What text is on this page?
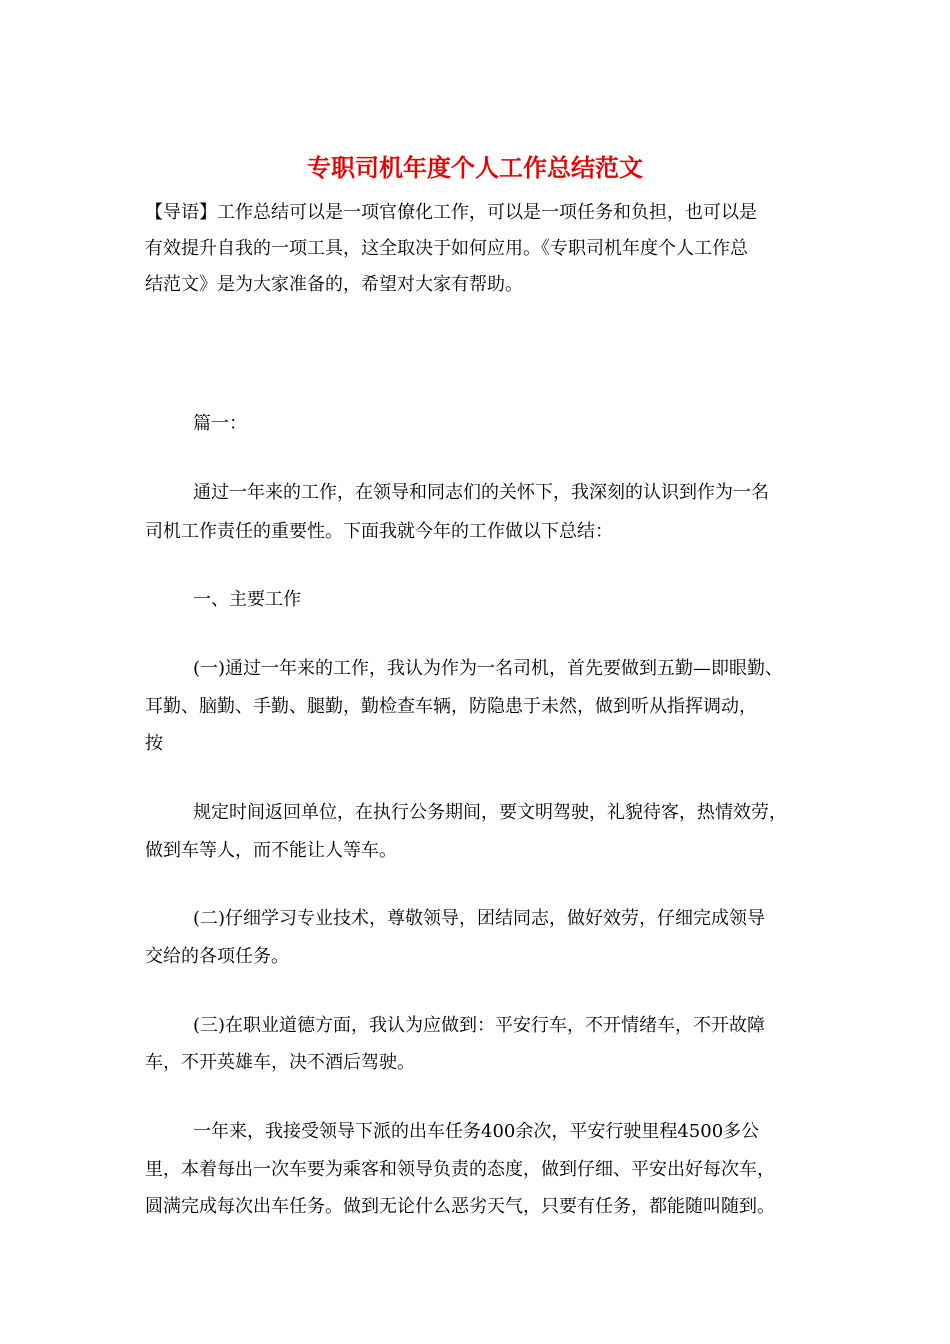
专职司机年度个人工作总结范文
【导语】工作总结可以是一项官僚化工作，可以是一项任务和负担，也可以是
有效提升自我的一项工具，这全取决于如何应用。《专职司机年度个人工作总
结范文》是为大家准备的，希望对大家有帮助。
篇一：
通过一年来的工作，在领导和同志们的关怀下，我深刻的认识到作为一名
司机工作责任的重要性。下面我就今年的工作做以下总结：
一、主要工作
(一)通过一年来的工作，我认为作为一名司机，首先要做到五勤—即眼勤、
耳勤、脑勤、手勤、腿勤，勤检查车辆，防隐患于未然，做到听从指挥调动，
按
规定时间返回单位，在执行公务期间，要文明驾驶，礼貌待客，热情效劳，
做到车等人，而不能让人等车。
(二)仔细学习专业技术，尊敬领导，团结同志，做好效劳，仔细完成领导
交给的各项任务。
(三)在职业道德方面，我认为应做到：平安行车，不开情绪车，不开故障
车，不开英雄车，决不酒后驾驶。
一年来，我接受领导下派的出车任务400余次，平安行驶里程4500多公
里，本着每出一次车要为乘客和领导负责的态度，做到仔细、平安出好每次车，
圆满完成每次出车任务。做到无论什么恶劣天气，只要有任务，都能随叫随到。
